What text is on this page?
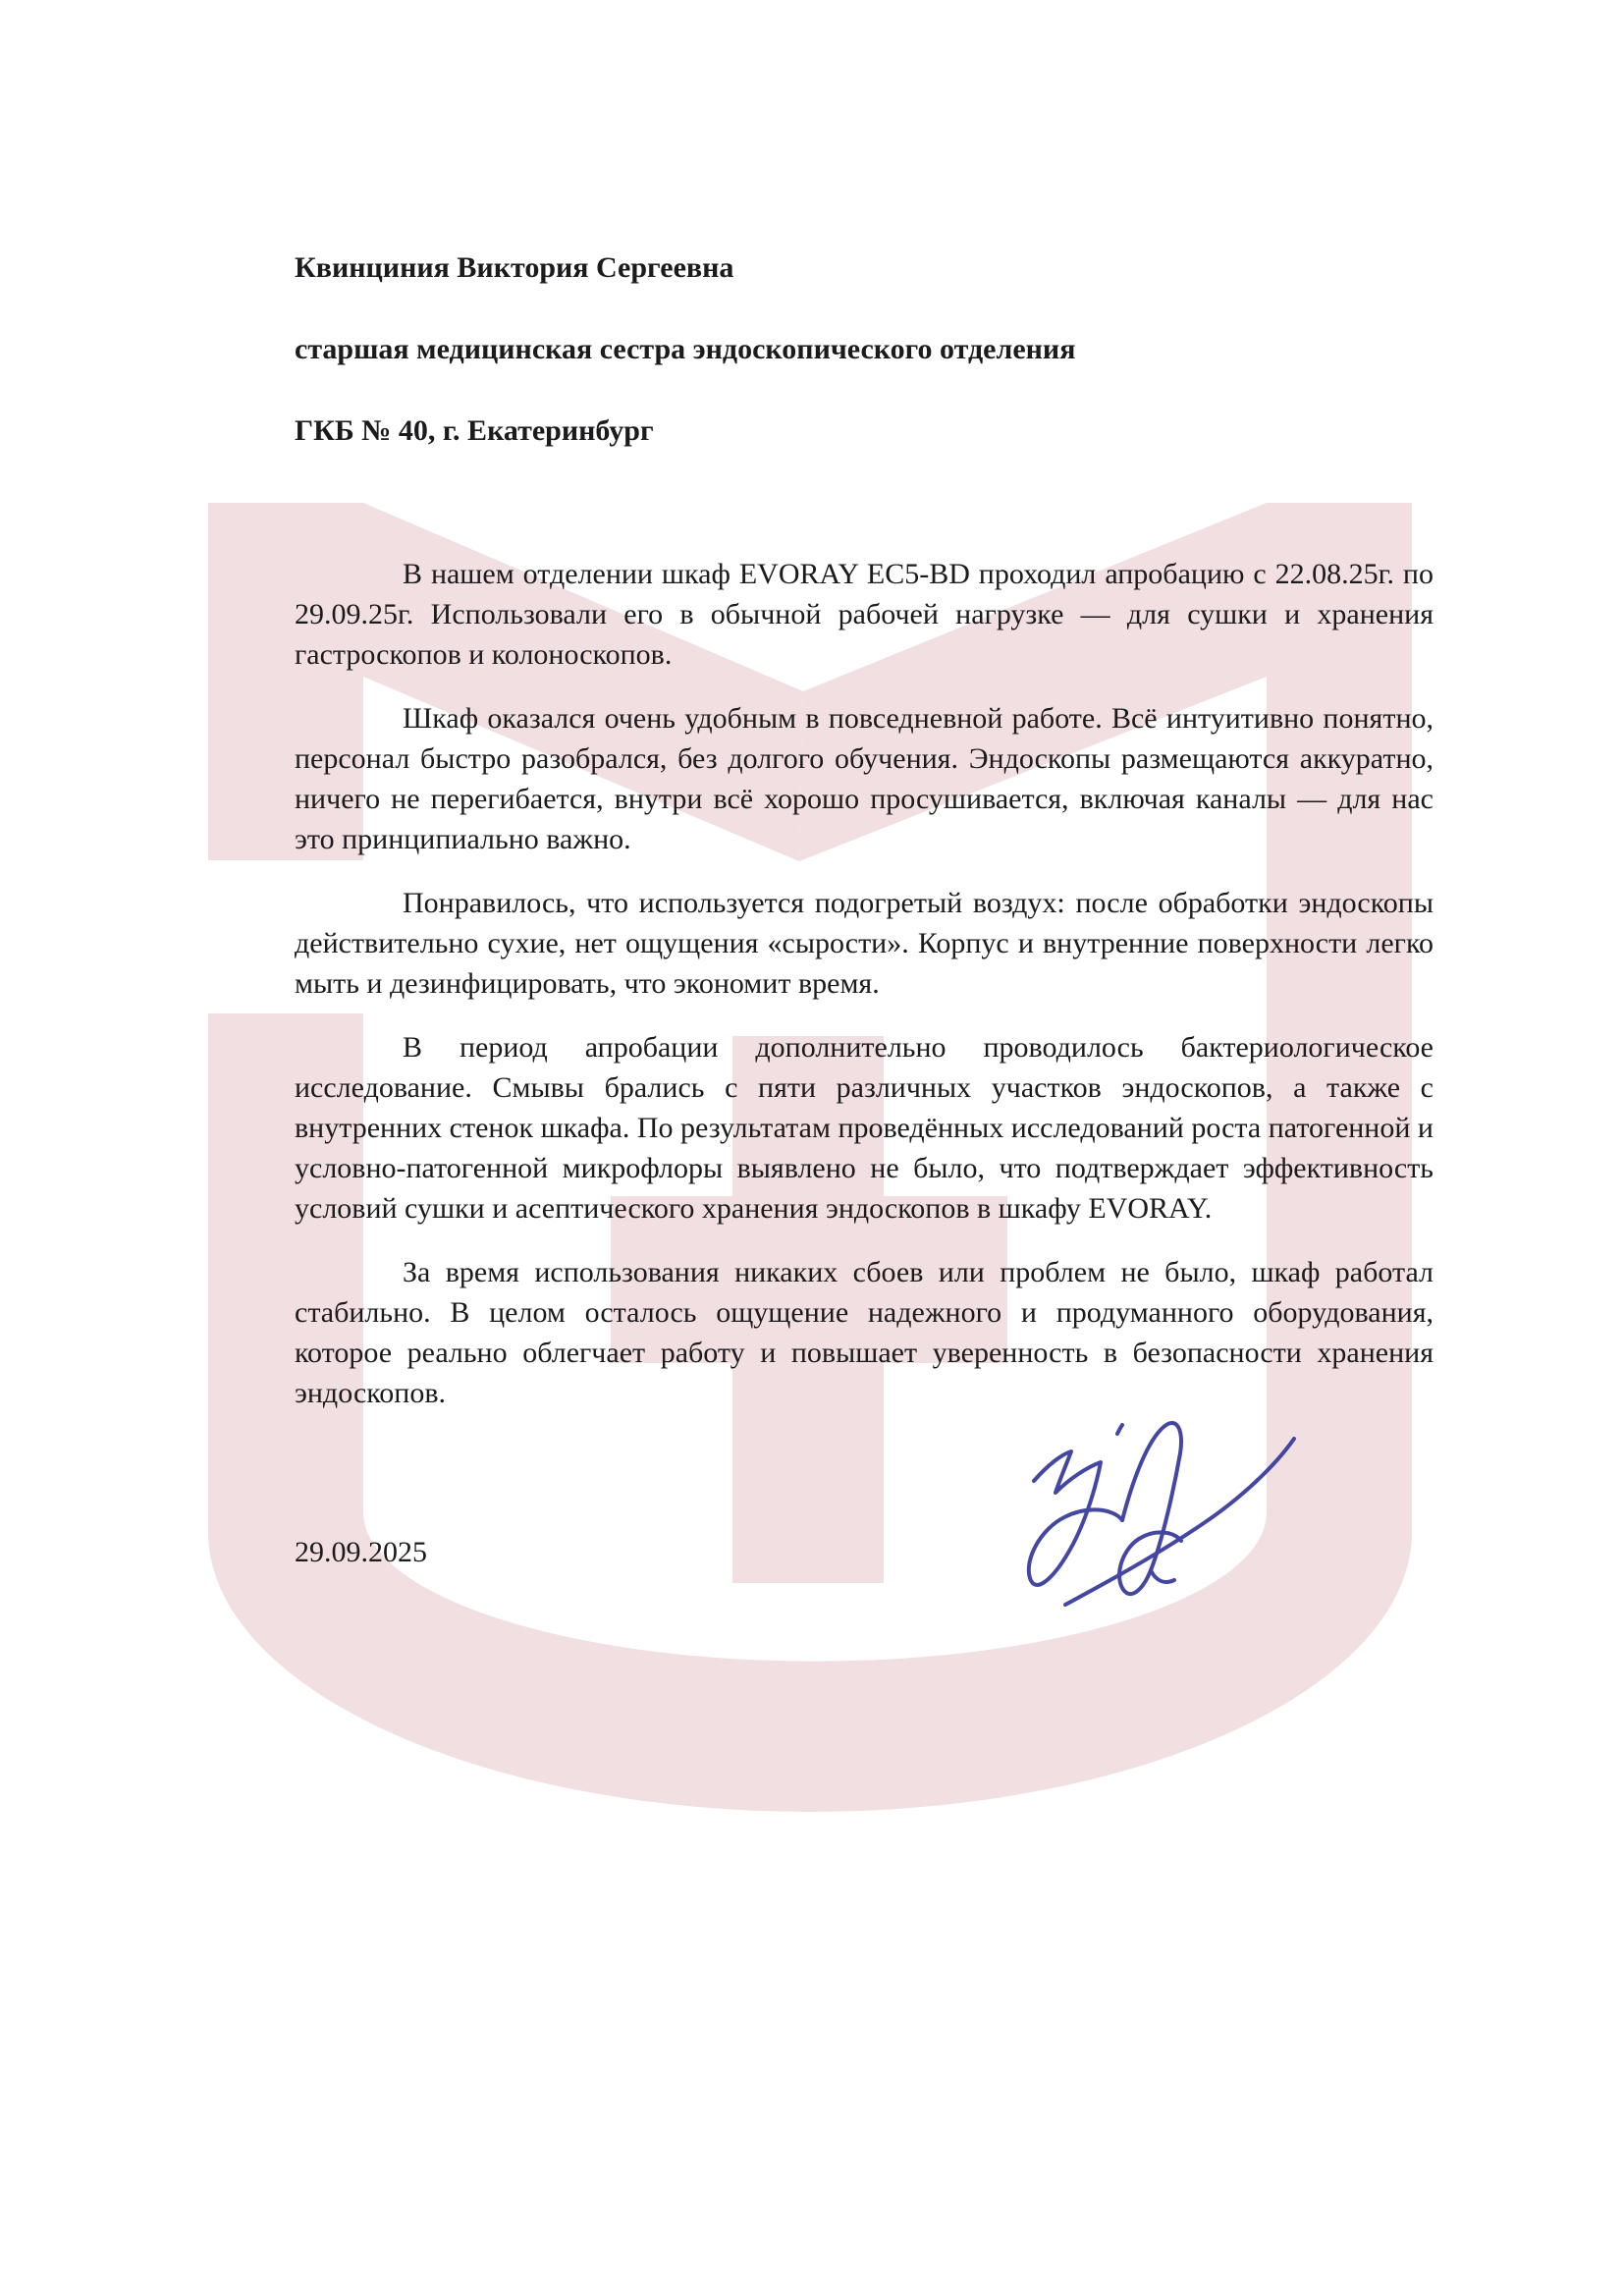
Квинциния Виктория Сергеевна

старшая медицинская сестра эндоскопического отделения

ГКБ № 40, г. Екатеринбург

В нашем отделении шкаф EVORAY EC5-BD проходил апробацию с 22.08.25г. по 29.09.25г. Использовали его в обычной рабочей нагрузке — для сушки и хранения гастроскопов и колоноскопов.

Шкаф оказался очень удобным в повседневной работе. Всё интуитивно понятно, персонал быстро разобрался, без долгого обучения. Эндоскопы размещаются аккуратно, ничего не перегибается, внутри всё хорошо просушивается, включая каналы — для нас это принципиально важно.

Понравилось, что используется подогретый воздух: после обработки эндоскопы действительно сухие, нет ощущения «сырости». Корпус и внутренние поверхности легко мыть и дезинфицировать, что экономит время.

В период апробации дополнительно проводилось бактериологическое исследование. Смывы брались с пяти различных участков эндоскопов, а также с внутренних стенок шкафа. По результатам проведённых исследований роста патогенной и условно-патогенной микрофлоры выявлено не было, что подтверждает эффективность условий сушки и асептического хранения эндоскопов в шкафу EVORAY.

За время использования никаких сбоев или проблем не было, шкаф работал стабильно. В целом осталось ощущение надежного и продуманного оборудования, которое реально облегчает работу и повышает уверенность в безопасности хранения эндоскопов.

29.09.2025
